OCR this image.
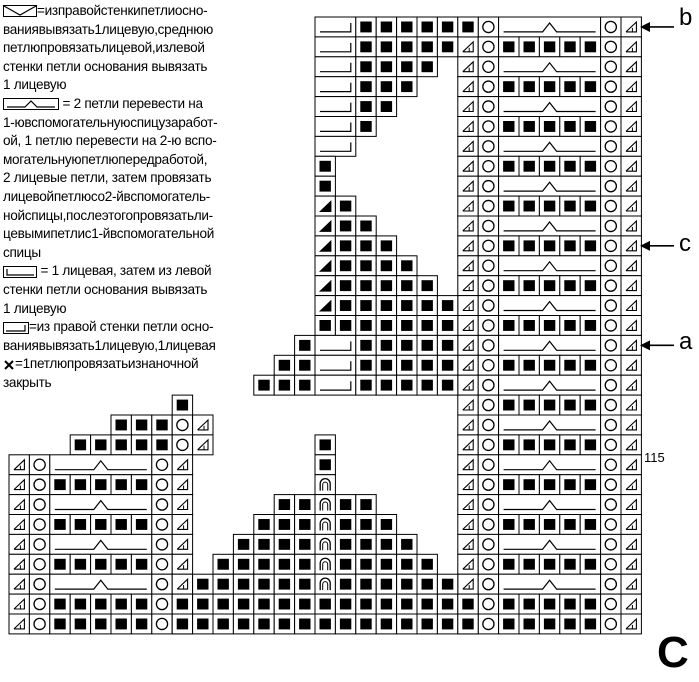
=изправойстенкипетлиосно-
ваниявывязать1лицевую,среднюю
петлюпровязатьлицевой,излевой
стенки петли основания вывязать
1 лицевую
= 2 петли перевести на
1-ювспомогательнуюспицузаработ-
ой, 1 петлю перевести на 2-ю вспо-
могательнуюпетлюпередработой,
2 лицевые петли, затем провязать
лицевойпетлюсо2-йвспомогатель-
нойспицы,послеэтогопровязатьли-
цевымипетлис1-йвспомогательной
спицы
= 1 лицевая, затем из левой
стенки петли основания вывязать
1 лицевую
=из правой стенки петли осно-
ваниявывязать1лицевую,1лицевая
=1петлюпровязатьизнаночной
закрыть
b
c
a
115
C
